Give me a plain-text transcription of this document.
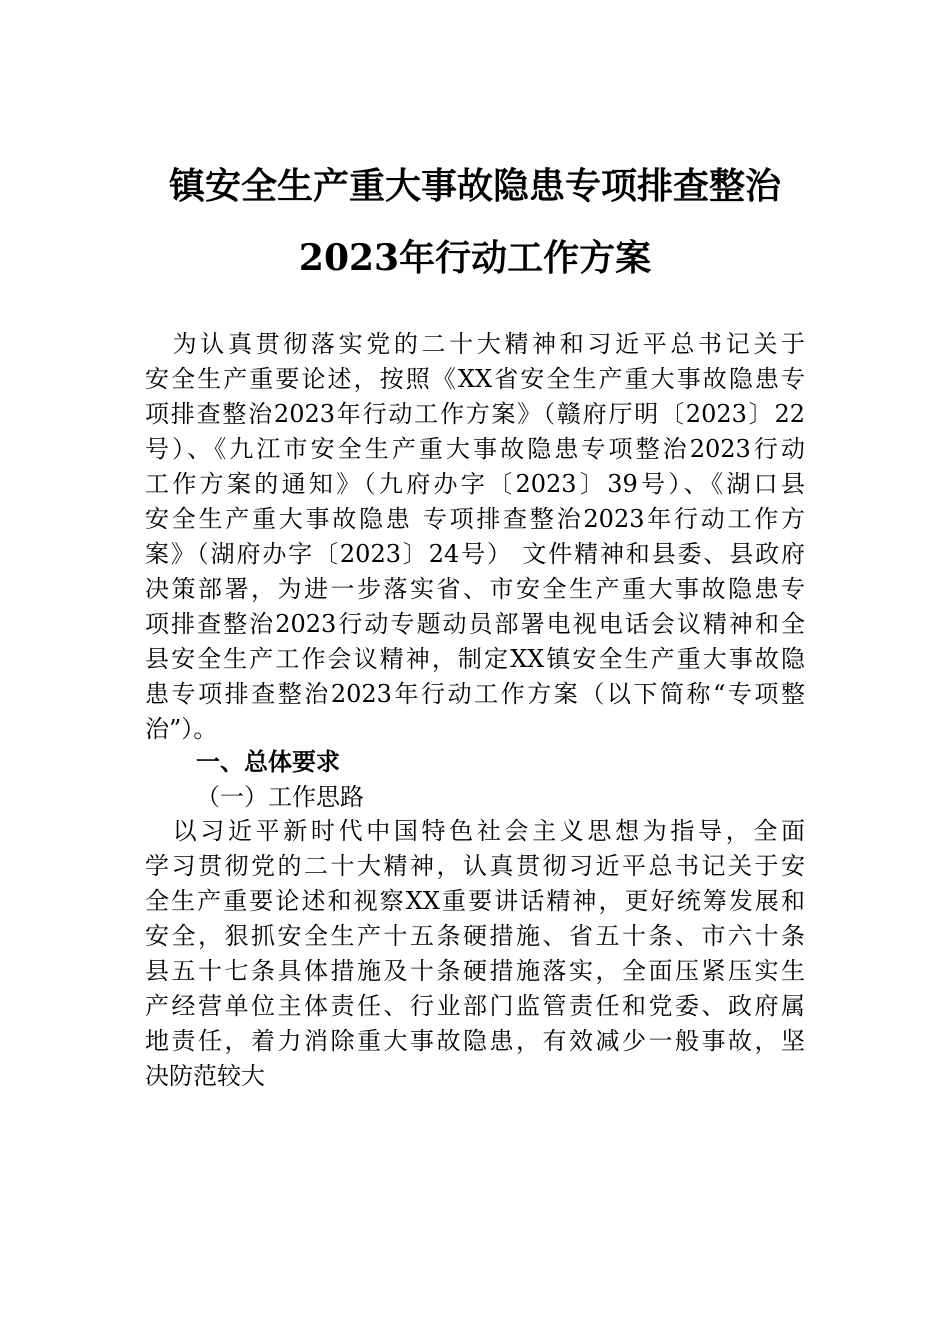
镇安全生产重大事故隐患专项排查整治
2023年行动工作方案
　为认真贯彻落实党的二十大精神和习近平总书记关于
安全生产重要论述，按照《XX省安全生产重大事故隐患专
项排查整治2023年行动工作方案》（赣府厅明〔2023〕22
号）、《九江市安全生产重大事故隐患专项整治2023行动
工作方案的通知》（九府办字〔2023〕39号）、《湖口县
安全生产重大事故隐患 专项排查整治2023年行动工作方
案》（湖府办字〔2023〕24号） 文件精神和县委、县政府
决策部署，为进一步落实省、市安全生产重大事故隐患专
项排查整治2023行动专题动员部署电视电话会议精神和全
县安全生产工作会议精神，制定XX镇安全生产重大事故隐
患专项排查整治2023年行动工作方案（以下简称“专项整
治”）。
一、总体要求
（一）工作思路
　以习近平新时代中国特色社会主义思想为指导，全面
学习贯彻党的二十大精神，认真贯彻习近平总书记关于安
全生产重要论述和视察XX重要讲话精神，更好统筹发展和
安全，狠抓安全生产十五条硬措施、省五十条、市六十条
县五十七条具体措施及十条硬措施落实，全面压紧压实生
产经营单位主体责任、行业部门监管责任和党委、政府属
地责任，着力消除重大事故隐患，有效减少一般事故，坚
决防范较大
